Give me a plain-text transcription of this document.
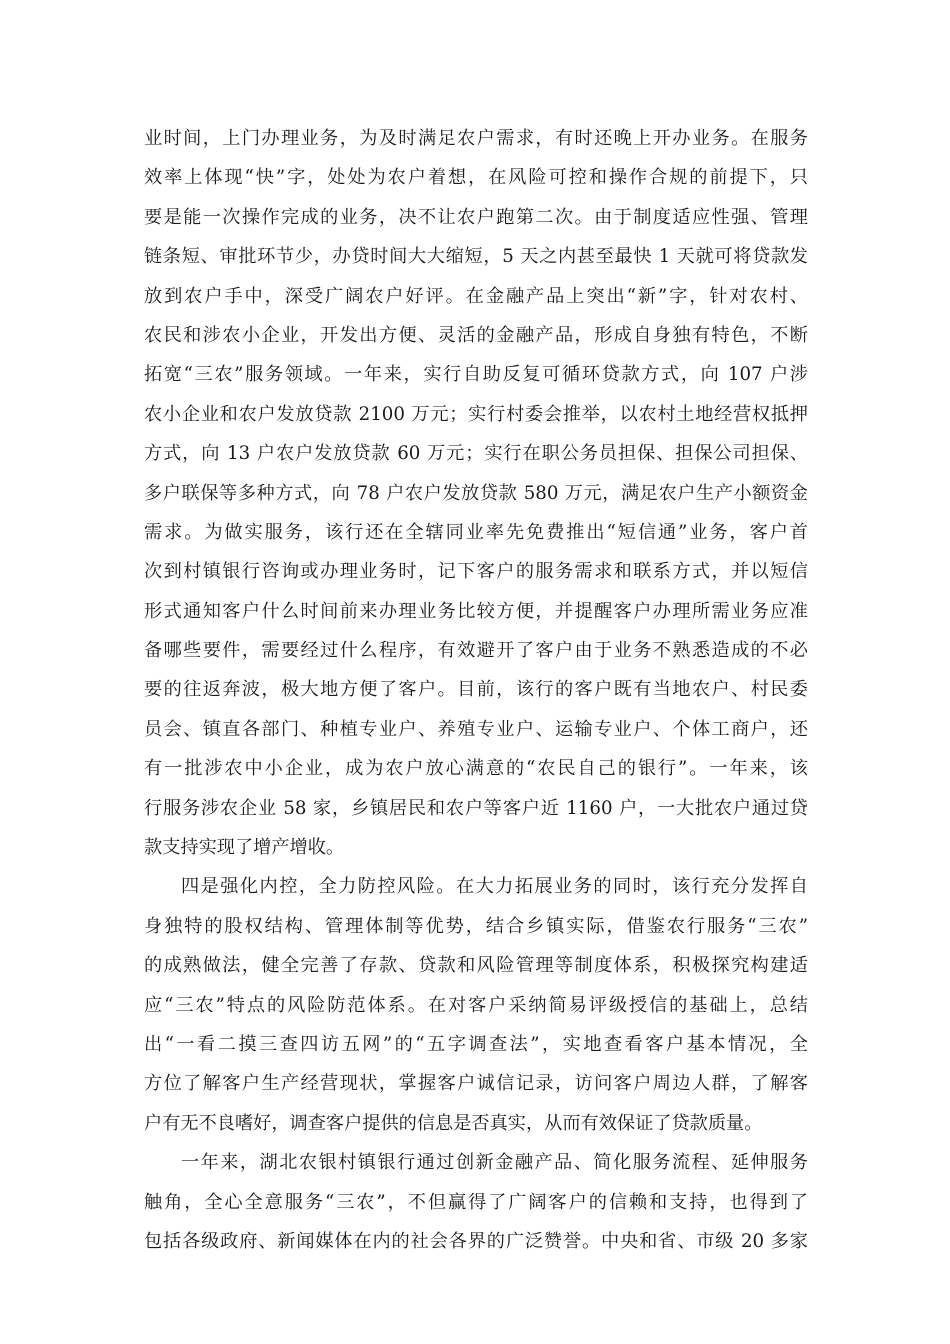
业时间，上门办理业务，为及时满足农户需求，有时还晚上开办业务。在服务
效率上体现“快”字，处处为农户着想，在风险可控和操作合规的前提下，只
要是能一次操作完成的业务，决不让农户跑第二次。由于制度适应性强、管理
链条短、审批环节少，办贷时间大大缩短，5 天之内甚至最快 1 天就可将贷款发
放到农户手中，深受广阔农户好评。在金融产品上突出“新”字，针对农村、
农民和涉农小企业，开发出方便、灵活的金融产品，形成自身独有特色，不断
拓宽“三农”服务领域。一年来，实行自助反复可循环贷款方式，向 107 户涉
农小企业和农户发放贷款 2100 万元；实行村委会推举，以农村土地经营权抵押
方式，向 13 户农户发放贷款 60 万元；实行在职公务员担保、担保公司担保、
多户联保等多种方式，向 78 户农户发放贷款 580 万元，满足农户生产小额资金
需求。为做实服务，该行还在全辖同业率先免费推出“短信通”业务，客户首
次到村镇银行咨询或办理业务时，记下客户的服务需求和联系方式，并以短信
形式通知客户什么时间前来办理业务比较方便，并提醒客户办理所需业务应准
备哪些要件，需要经过什么程序，有效避开了客户由于业务不熟悉造成的不必
要的往返奔波，极大地方便了客户。目前，该行的客户既有当地农户、村民委
员会、镇直各部门、种植专业户、养殖专业户、运输专业户、个体工商户，还
有一批涉农中小企业，成为农户放心满意的“农民自己的银行”。一年来，该
行服务涉农企业 58 家，乡镇居民和农户等客户近 1160 户，一大批农户通过贷
款支持实现了增产增收。
四是强化内控，全力防控风险。在大力拓展业务的同时，该行充分发挥自
身独特的股权结构、管理体制等优势，结合乡镇实际，借鉴农行服务“三农”
的成熟做法，健全完善了存款、贷款和风险管理等制度体系，积极探究构建适
应“三农”特点的风险防范体系。在对客户采纳简易评级授信的基础上，总结
出“一看二摸三查四访五网”的“五字调查法”，实地查看客户基本情况，全
方位了解客户生产经营现状，掌握客户诚信记录，访问客户周边人群，了解客
户有无不良嗜好，调查客户提供的信息是否真实，从而有效保证了贷款质量。
一年来，湖北农银村镇银行通过创新金融产品、简化服务流程、延伸服务
触角，全心全意服务“三农”，不但赢得了广阔客户的信赖和支持，也得到了
包括各级政府、新闻媒体在内的社会各界的广泛赞誉。中央和省、市级 20 多家
